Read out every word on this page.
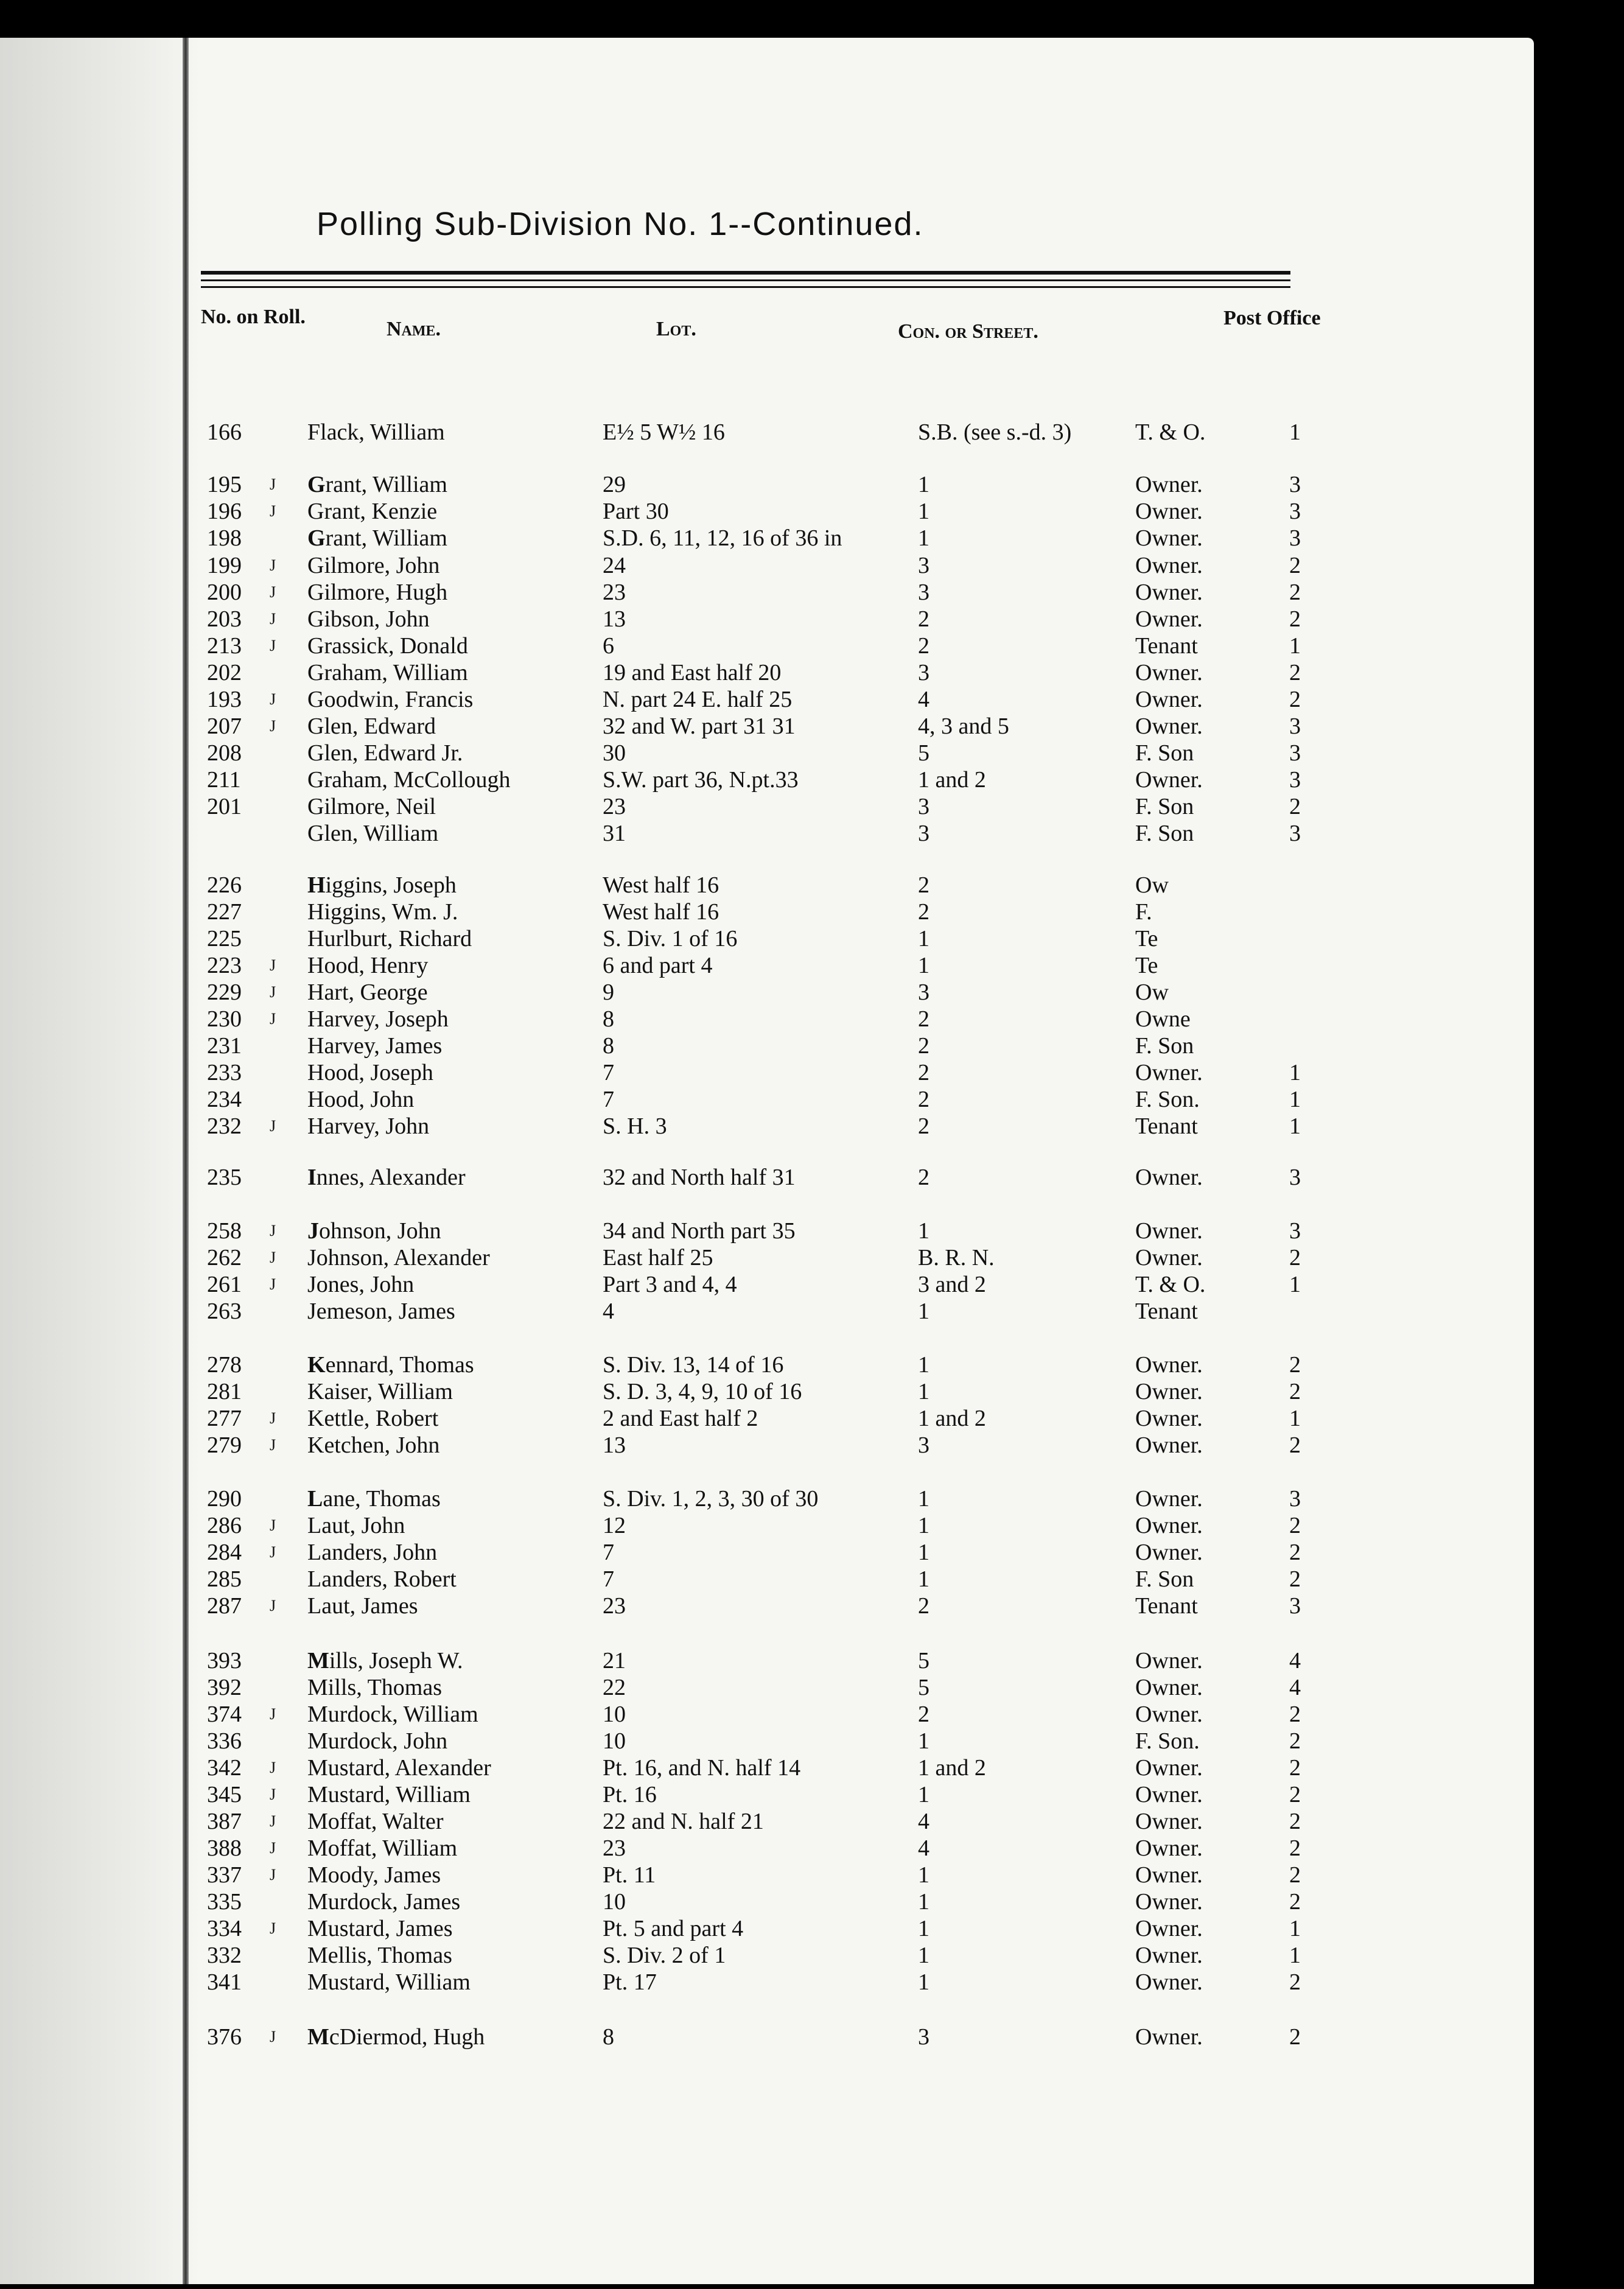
Polling Sub-Division No. 1--Continued.
No. on Roll.
Name.	Lot.	Con. or Street.
Post Office
166	Flack, William	E½ 5 W½ 16	S.B. (see s.-d. 3)	T. & O.	1
195	J Grant, William	29	1	Owner.	3
196	J Grant, Kenzie	Part 30	1	Owner.	3
198	Grant, William	S.D. 6, 11, 12, 16 of 36 in	1	Owner.	3
199	J Gilmore, John	24	3	Owner.	2
200	J Gilmore, Hugh	23	3	Owner.	2
203	J Gibson, John	13	2	Owner.	2
213	J Grassick, Donald	6	2	Tenant	1
202	Graham, William	19 and East half 20	3	Owner.	2
193	J Goodwin, Francis	N. part 24 E. half 25	4	Owner.	2
207	J Glen, Edward	32 and W. part 31 31	4, 3 and 5	Owner.	3
208	Glen, Edward Jr.	30	5	F. Son	3
211	Graham, McCollough	S.W. part 36, N.pt.33	1 and 2	Owner.	3
201	Gilmore, Neil	23	3	F. Son	2
Glen, William	31	3	F. Son	3
226	Higgins, Joseph	West half 16	2	Ow
227	Higgins, Wm. J.	West half 16	2	F.
225	Hurlburt, Richard	S. Div. 1 of 16	1	Te
223	J Hood, Henry	6 and part 4	1	Te
229	J Hart, George	9	3	Ow
230	J Harvey, Joseph	8	2	Owne
231	Harvey, James	8	2	F. Son
233	Hood, Joseph	7	2	Owner.	1
234	Hood, John	7	2	F. Son.	1
232	J Harvey, John	S. H. 3	2	Tenant	1
235	Innes, Alexander	32 and North half 31	2	Owner.	3
258	J Johnson, John	34 and North part 35	1	Owner.	3
262	J Johnson, Alexander	East half 25	B. R. N.	Owner.	2
261	J Jones, John	Part 3 and 4, 4	3 and 2	T. & O.	1
263	Jemeson, James	4	1	Tenant
278	Kennard, Thomas	S. Div. 13, 14 of 16	1	Owner.	2
281	Kaiser, William	S. D. 3, 4, 9, 10 of 16	1	Owner.	2
277	J Kettle, Robert	2 and East half 2	1 and 2	Owner.	1
279	J Ketchen, John	13	3	Owner.	2
290	Lane, Thomas	S. Div. 1, 2, 3, 30 of 30	1	Owner.	3
286	J Laut, John	12	1	Owner.	2
284	J Landers, John	7	1	Owner.	2
285	Landers, Robert	7	1	F. Son	2
287	J Laut, James	23	2	Tenant	3
393	Mills, Joseph W.	21	5	Owner.	4
392	Mills, Thomas	22	5	Owner.	4
374	J Murdock, William	10	2	Owner.	2
336	Murdock, John	10	1	F. Son.	2
342	J Mustard, Alexander	Pt. 16, and N. half 14	1 and 2	Owner.	2
345	J Mustard, William	Pt. 16	1	Owner.	2
387	J Moffat, Walter	22 and N. half 21	4	Owner.	2
388	J Moffat, William	23	4	Owner.	2
337	J Moody, James	Pt. 11	1	Owner.	2
335	Murdock, James	10	1	Owner.	2
334	J Mustard, James	Pt. 5 and part 4	1	Owner.	1
332	Mellis, Thomas	S. Div. 2 of 1	1	Owner.	1
341	Mustard, William	Pt. 17	1	Owner.	2
376	J McDiermod, Hugh	8	3	Owner.	2
